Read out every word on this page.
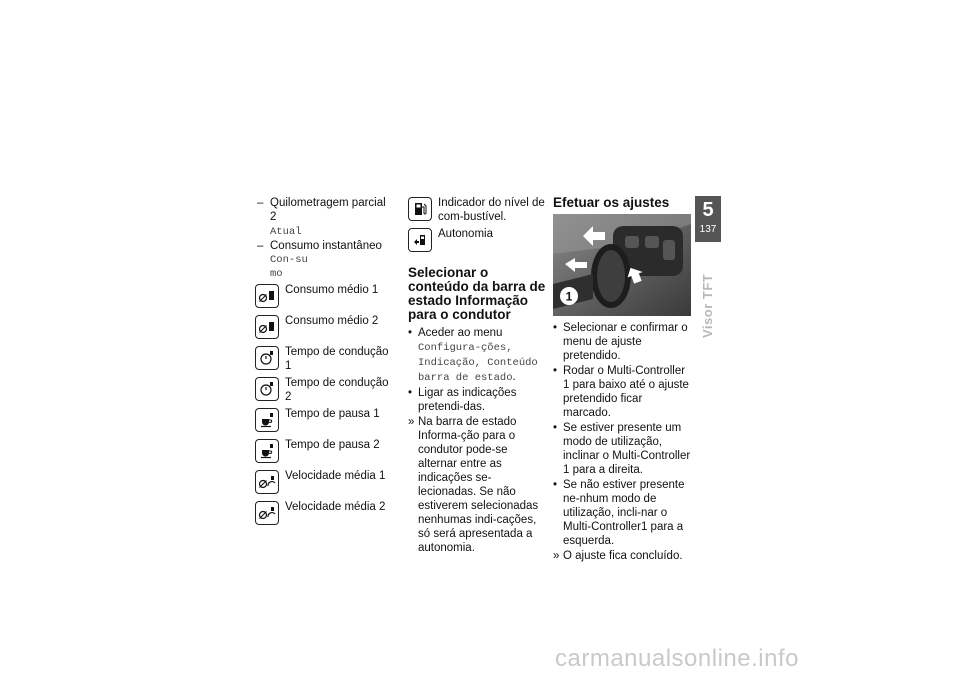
– Quilometragem parcial 2
Atual
– Consumo instantâneo Con-sumo
Consumo médio 1
Consumo médio 2
Tempo de condução 1
Tempo de condução 2
Tempo de pausa 1
Tempo de pausa 2
Velocidade média 1
Velocidade média 2
Indicador do nível de com-bustível.
Autonomia
Selecionar o conteúdo da barra de estado Informação para o condutor
• Aceder ao menu Configura-ções, Indicação, Conteúdo barra de estado.
• Ligar as indicações pretendi-das.
» Na barra de estado Informa-ção para o condutor pode-se alternar entre as indicações se-lecionadas. Se não estiverem selecionadas nenhumas indi-cações, só será apresentada a autonomia.
Efetuar os ajustes
1
• Selecionar e confirmar o menu de ajuste pretendido.
• Rodar o Multi-Controller 1 para baixo até o ajuste pretendido ficar marcado.
• Se estiver presente um modo de utilização, inclinar o Multi-Controller 1 para a direita.
• Se não estiver presente ne-nhum modo de utilização, incli-nar o Multi-Controller1 para a esquerda.
» O ajuste fica concluído.
5
137
Visor TFT
carmanualsonline.info
